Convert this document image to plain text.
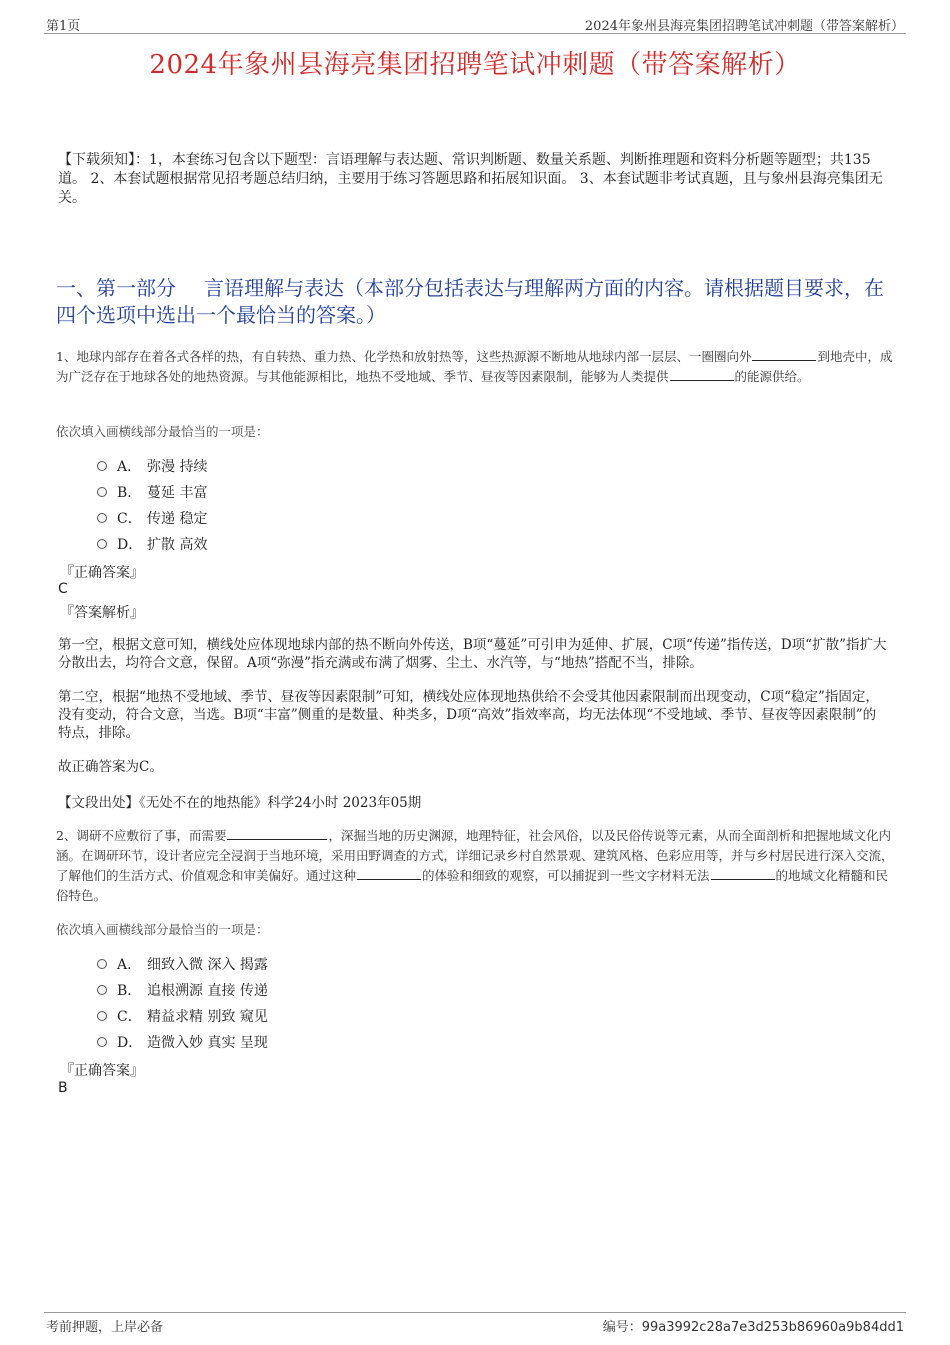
第1页	2024年象州县海亮集团招聘笔试冲刺题（带答案解析）
2024年象州县海亮集团招聘笔试冲刺题（带答案解析）
【下载须知】：1，本套练习包含以下题型：言语理解与表达题、常识判断题、数量关系题、判断推理题和资料分析题等题型；共135道。 2、本套试题根据常见招考题总结归纳，主要用于练习答题思路和拓展知识面。 3、本套试题非考试真题，且与象州县海亮集团无关。
一、第一部分 言语理解与表达（本部分包括表达与理解两方面的内容。请根据题目要求，在四个选项中选出一个最恰当的答案。）
1、地球内部存在着各式各样的热，有自转热、重力热、化学热和放射热等，这些热源源不断地从地球内部一层层、一圈圈向外	到地壳中，成为广泛存在于地球各处的地热资源。与其他能源相比，地热不受地域、季节、昼夜等因素限制，能够为人类提供	的能源供给。
依次填入画横线部分最恰当的一项是：
A． 弥漫 持续
B． 蔓延 丰富
C． 传递 稳定
D． 扩散 高效
『正确答案』
C
『答案解析』
第一空，根据文意可知，横线处应体现地球内部的热不断向外传送，B项“蔓延”可引申为延伸、扩展，C项“传递”指传送，D项“扩散”指扩大分散出去，均符合文意，保留。A项“弥漫”指充满或布满了烟雾、尘土、水汽等，与“地热”搭配不当，排除。
第二空，根据“地热不受地域、季节、昼夜等因素限制”可知，横线处应体现地热供给不会受其他因素限制而出现变动，C项“稳定”指固定，没有变动，符合文意，当选。B项“丰富”侧重的是数量、种类多，D项“高效”指效率高，均无法体现“不受地域、季节、昼夜等因素限制”的特点，排除。
故正确答案为C。
【文段出处】《无处不在的地热能》科学24小时 2023年05期
2、调研不应敷衍了事，而需要	，深掘当地的历史渊源，地理特征，社会风俗，以及民俗传说等元素，从而全面剖析和把握地域文化内涵。在调研环节，设计者应完全浸润于当地环境，采用田野调查的方式，详细记录乡村自然景观、建筑风格、色彩应用等，并与乡村居民进行深入交流，了解他们的生活方式、价值观念和审美偏好。通过这种	的体验和细致的观察，可以捕捉到一些文字材料无法	的地域文化精髓和民俗特色。
依次填入画横线部分最恰当的一项是：
A． 细致入微 深入 揭露
B． 追根溯源 直接 传递
C． 精益求精 别致 窥见
D． 造微入妙 真实 呈现
『正确答案』
B
考前押题，上岸必备	编号：99a3992c28a7e3d253b86960a9b84dd1
